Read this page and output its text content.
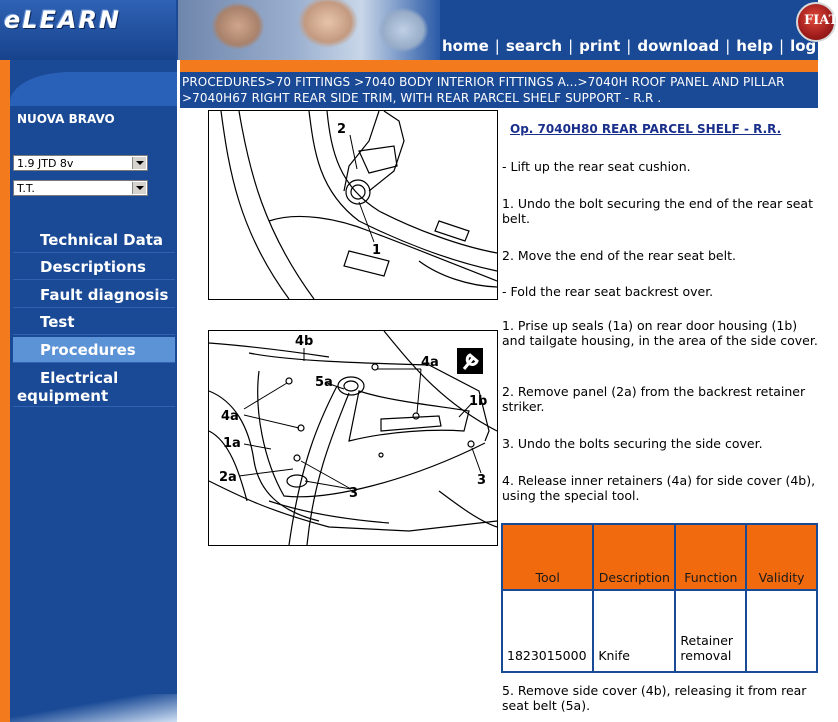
eLEARN	FIAT
home | search | print | download | help | log
PROCEDURES>70 FITTINGS >7040 BODY INTERIOR FITTINGS A...>7040H ROOF PANEL AND PILLAR
>7040H67 RIGHT REAR SIDE TRIM, WITH REAR PARCEL SHELF SUPPORT - R.R .
NUOVA BRAVO
1.9 JTD 8v
T.T.
Technical Data
Descriptions
Fault diagnosis
Test
Procedures
Electrical
equipment
2
1
4b
4a
5a
4a
1b
1a
2a
3
3
Op. 7040H80 REAR PARCEL SHELF - R.R.
- Lift up the rear seat cushion.
1. Undo the bolt securing the end of the rear seat belt.
2. Move the end of the rear seat belt.
- Fold the rear seat backrest over.
1. Prise up seals (1a) on rear door housing (1b) and tailgate housing, in the area of the side cover.
2. Remove panel (2a) from the backrest retainer striker.
3. Undo the bolts securing the side cover.
4. Release inner retainers (4a) for side cover (4b), using the special tool.
Tool	Description	Function	Validity
1823015000	Knife	Retainer removal	
5. Remove side cover (4b), releasing it from rear seat belt (5a).
